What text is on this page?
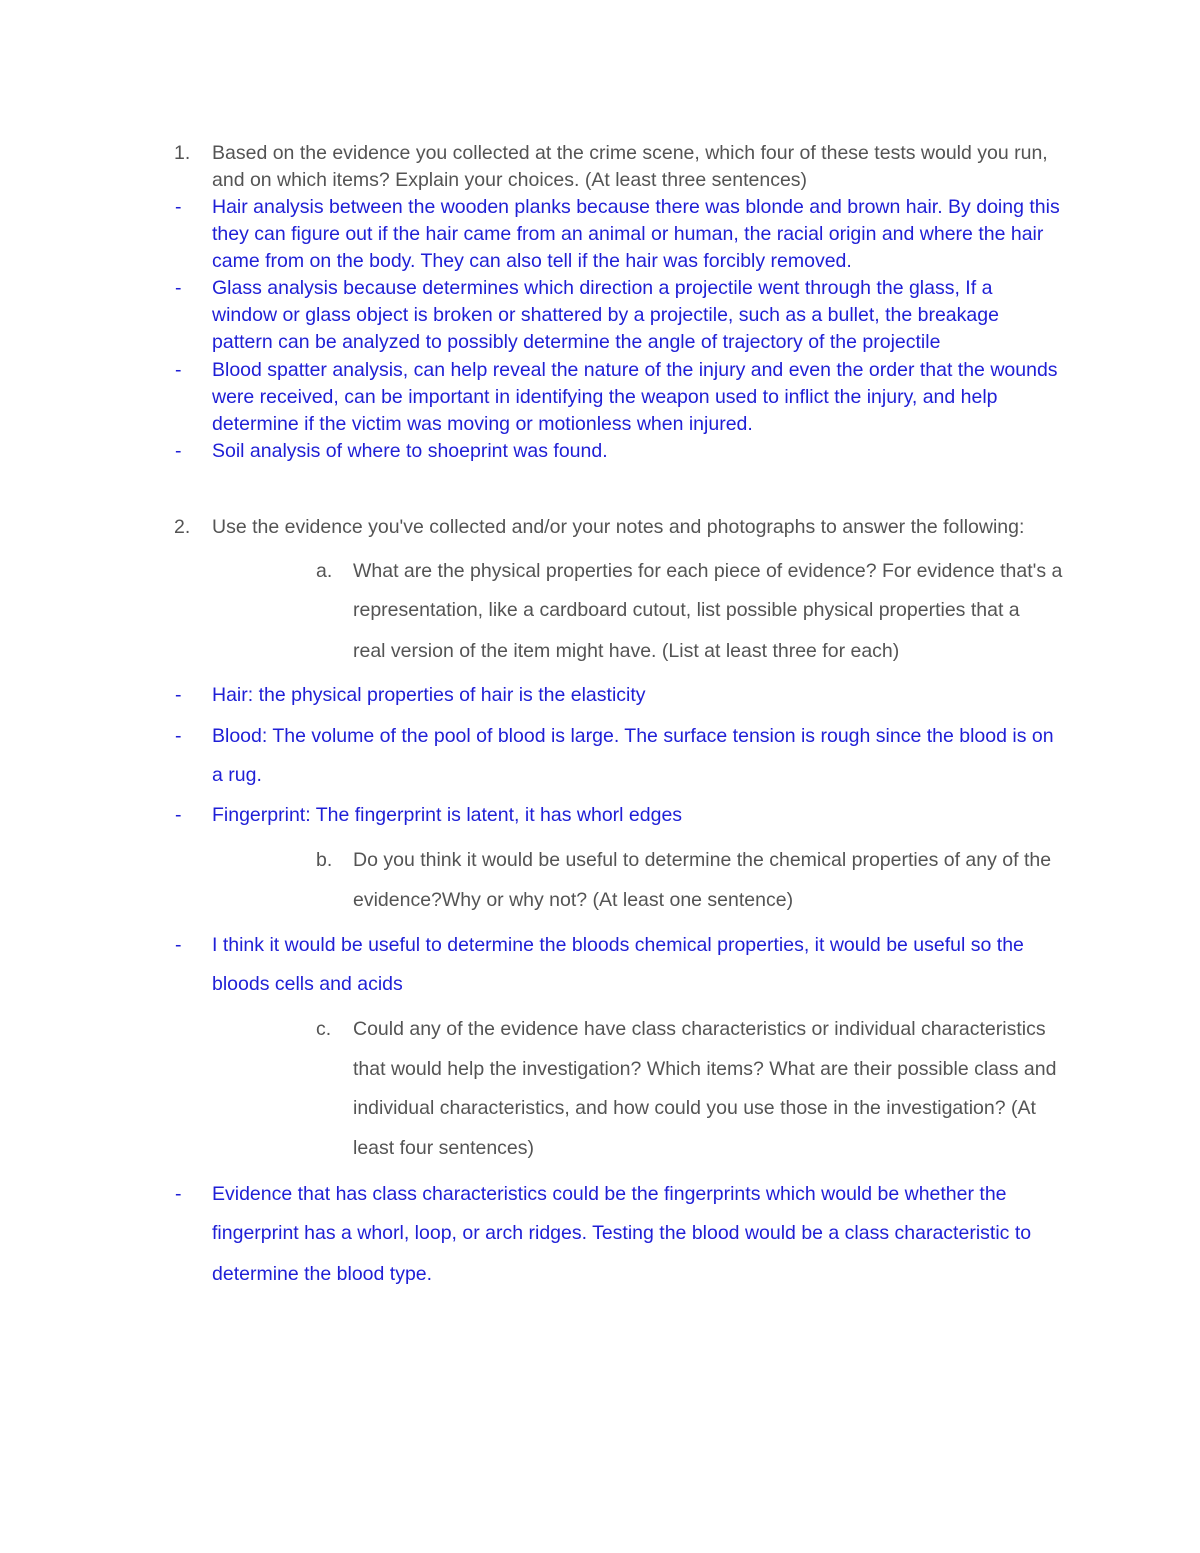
1. Based on the evidence you collected at the crime scene, which four of these tests would you run,
and on which items? Explain your choices. (At least three sentences)
- Hair analysis between the wooden planks because there was blonde and brown hair. By doing this
they can figure out if the hair came from an animal or human, the racial origin and where the hair
came from on the body. They can also tell if the hair was forcibly removed.
- Glass analysis because determines which direction a projectile went through the glass, If a
window or glass object is broken or shattered by a projectile, such as a bullet, the breakage
pattern can be analyzed to possibly determine the angle of trajectory of the projectile
- Blood spatter analysis, can help reveal the nature of the injury and even the order that the wounds
were received, can be important in identifying the weapon used to inflict the injury, and help
determine if the victim was moving or motionless when injured.
- Soil analysis of where to shoeprint was found.
2. Use the evidence you've collected and/or your notes and photographs to answer the following:
a. What are the physical properties for each piece of evidence? For evidence that's a
representation, like a cardboard cutout, list possible physical properties that a
real version of the item might have. (List at least three for each)
- Hair: the physical properties of hair is the elasticity
- Blood: The volume of the pool of blood is large. The surface tension is rough since the blood is on
a rug.
- Fingerprint: The fingerprint is latent, it has whorl edges
b. Do you think it would be useful to determine the chemical properties of any of the
evidence?Why or why not? (At least one sentence)
- I think it would be useful to determine the bloods chemical properties, it would be useful so the
bloods cells and acids
c. Could any of the evidence have class characteristics or individual characteristics
that would help the investigation? Which items? What are their possible class and
individual characteristics, and how could you use those in the investigation? (At
least four sentences)
- Evidence that has class characteristics could be the fingerprints which would be whether the
fingerprint has a whorl, loop, or arch ridges. Testing the blood would be a class characteristic to
determine the blood type.
